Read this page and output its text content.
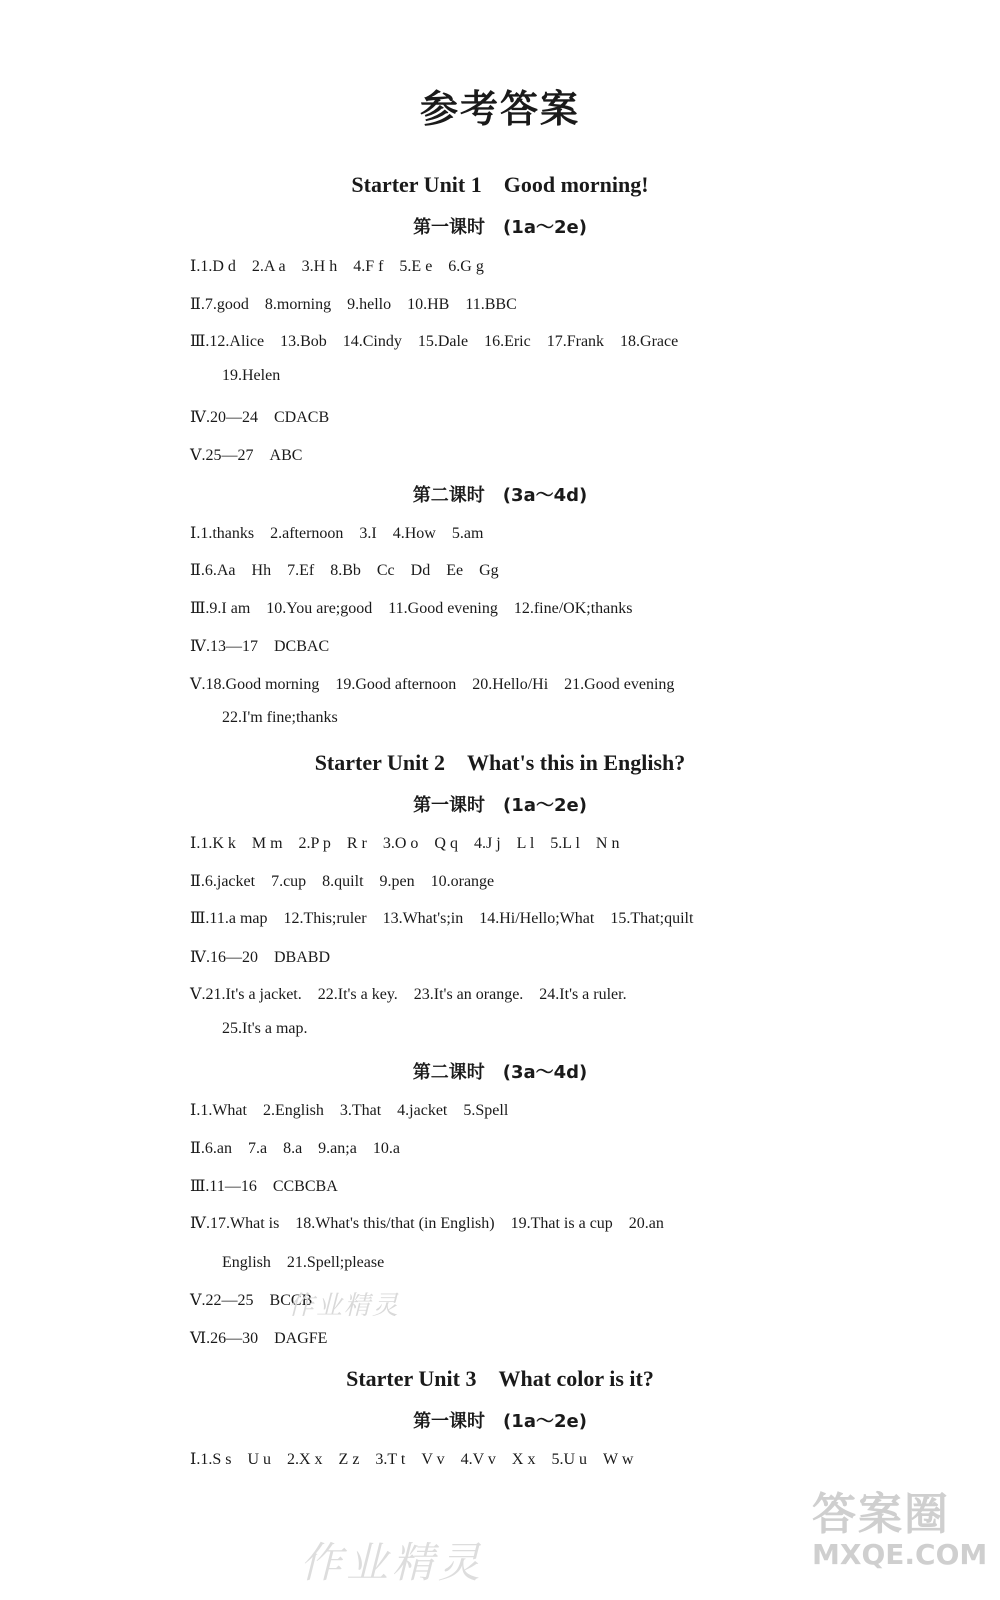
参考答案
Starter Unit 1　Good morning!
第一课时　(1a～2e)
Ⅰ.1.D d　2.A a　3.H h　4.F f　5.E e　6.G g
Ⅱ.7.good　8.morning　9.hello　10.HB　11.BBC
Ⅲ.12.Alice　13.Bob　14.Cindy　15.Dale　16.Eric　17.Frank　18.Grace
19.Helen
Ⅳ.20—24　CDACB
Ⅴ.25—27　ABC
第二课时　(3a～4d)
Ⅰ.1.thanks　2.afternoon　3.I　4.How　5.am
Ⅱ.6.Aa　Hh　7.Ef　8.Bb　Cc　Dd　Ee　Gg
Ⅲ.9.I am　10.You are;good　11.Good evening　12.fine/OK;thanks
Ⅳ.13—17　DCBAC
Ⅴ.18.Good morning　19.Good afternoon　20.Hello/Hi　21.Good evening
22.I'm fine;thanks
Starter Unit 2　What's this in English?
第一课时　(1a～2e)
Ⅰ.1.K k　M m　2.P p　R r　3.O o　Q q　4.J j　L l　5.L l　N n
Ⅱ.6.jacket　7.cup　8.quilt　9.pen　10.orange
Ⅲ.11.a map　12.This;ruler　13.What's;in　14.Hi/Hello;What　15.That;quilt
Ⅳ.16—20　DBABD
Ⅴ.21.It's a jacket.　22.It's a key.　23.It's an orange.　24.It's a ruler.
25.It's a map.
第二课时　(3a～4d)
Ⅰ.1.What　2.English　3.That　4.jacket　5.Spell
Ⅱ.6.an　7.a　8.a　9.an;a　10.a
Ⅲ.11—16　CCBCBA
Ⅳ.17.What is　18.What's this/that (in English)　19.That is a cup　20.an
English　21.Spell;please
Ⅴ.22—25　BCCB
Ⅵ.26—30　DAGFE
Starter Unit 3　What color is it?
第一课时　(1a～2e)
Ⅰ.1.S s　U u　2.X x　Z z　3.T t　V v　4.V v　X x　5.U u　W w
作业精灵
作业精灵
答案圈
MXQE.COM
